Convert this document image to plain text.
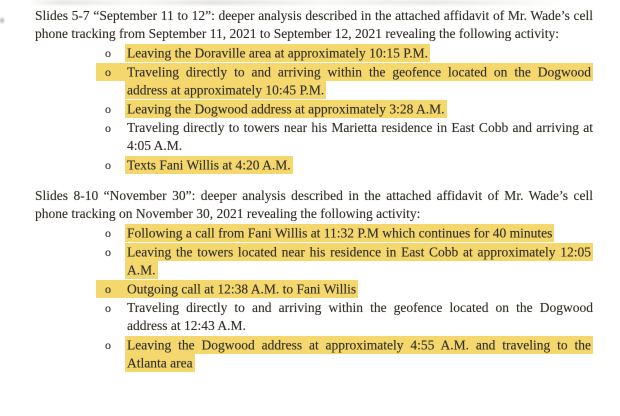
Slides 5-7 “September 11 to 12”: deeper analysis described in the attached affidavit of Mr. Wade’s cell phone tracking from September 11, 2021 to September 12, 2021 revealing the following activity:

o	Leaving the Doraville area at approximately 10:15 P.M.
o	Traveling directly to and arriving within the geofence located on the Dogwood address at approximately 10:45 P.M.
o	Leaving the Dogwood address at approximately 3:28 A.M.
o	Traveling directly to towers near his Marietta residence in East Cobb and arriving at 4:05 A.M.
o	Texts Fani Willis at 4:20 A.M.

Slides 8-10 “November 30”: deeper analysis described in the attached affidavit of Mr. Wade’s cell phone tracking on November 30, 2021 revealing the following activity:

o	Following a call from Fani Willis at 11:32 P.M which continues for 40 minutes
o	Leaving the towers located near his residence in East Cobb at approximately 12:05 A.M.
o	Outgoing call at 12:38 A.M. to Fani Willis
o	Traveling directly to and arriving within the geofence located on the Dogwood address at 12:43 A.M.
o	Leaving the Dogwood address at approximately 4:55 A.M. and traveling to the Atlanta area
